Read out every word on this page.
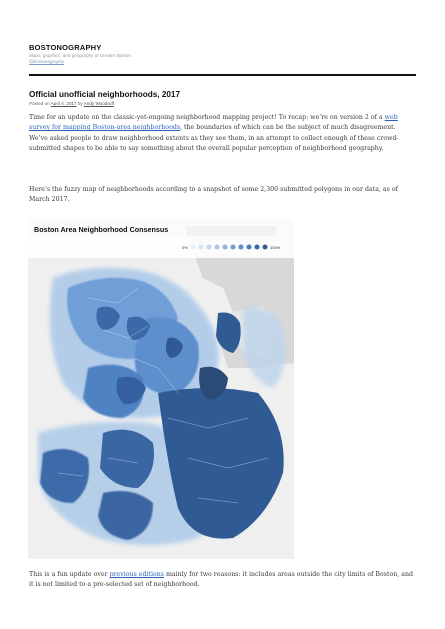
BOSTONOGRAPHY
Maps, graphics, and geography of Greater Boston. @bostonography
Official unofficial neighborhoods, 2017
Posted on April 4, 2017 by Andy Woodruff

Time for an update on the classic-yet-ongoing neighborhood mapping project! To recap: we’re on version 2 of a web survey for mapping Boston-area neighborhoods, the boundaries of which can be the subject of much disagreement. We’ve asked people to draw neighborhood extents as they see them, in an attempt to collect enough of these crowd-submitted shapes to be able to say something about the overall popular perception of neighborhood geography.

Here’s the fuzzy map of neighborhoods according to a snapshot of some 2,300 submitted polygons in our data, as of March 2017.

Boston Area Neighborhood Consensus
0%	100%

This is a fun update over previous editions mainly for two reasons: it includes areas outside the city limits of Boston, and it is not limited to a pre-selected set of neighborhood.
